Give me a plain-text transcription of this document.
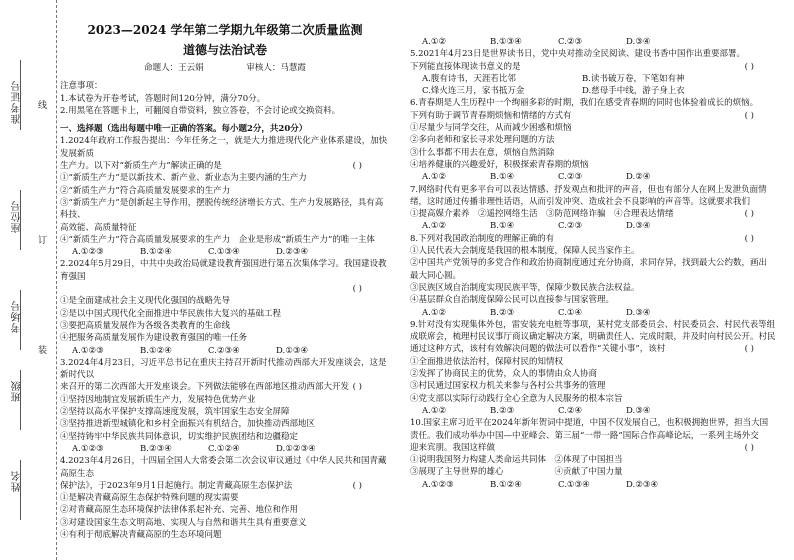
准考证号
座位号
考场号
班级
姓名
线
订
装
2023—2024 学年第二学期九年级第二次质量监测
道德与法治试卷
命题人：王云娟	审核人：马慧霞

注意事项：

1.本试卷为开卷考试，答题时间120分钟，满分70分。

2.用黑笔在答题卡上，可翻阅自带资料，独立答卷，不会讨论或交换资料。

一、选择题（选出每题中唯一正确的答案。每小题2分，共20分）

1.2024年政府工作报告提出：今年任务之一，就是大力推进现代化产业体系建设，加快发展新质

生产力。以下对“新质生产力”解读正确的是	( )

①“新质生产力”是以新技术、新产业、新业态为主要内涵的生产力

②“新质生产力”符合高质量发展要求的生产力

③“新质生产力”是创新起主导作用，摆脱传统经济增长方式、生产力发展路径，具有高科技、

高效能、高质量特征

④“新质生产力”符合高质量发展要求的生产力　企业是形成“新质生产力”的唯一主体

A.①②③	B.①②④	C.①③④	D.②③④

2.2024年5月29日，中共中央政治局就建设教育强国进行第五次集体学习。我国建设教育强国

( )

①是全面建成社会主义现代化强国的战略先导

②是以中国式现代化全面推进中华民族伟大复兴的基础工程

③要把高质量发展作为各级各类教育的生命线

④把服务高质量发展作为建设教育强国的唯一任务

A.①②③	B.①②④	C.②③④	D.①③④

3.2024年4月23日，习近平总书记在重庆主持召开新时代推动西部大开发座谈会，这是新时代以

来召开的第二次西部大开发座谈会。下列做法能够在西部地区推动西部大开发 ( )

①坚持因地制宜发展新质生产力，发展特色优势产业

②坚持以高水平保护支撑高速度发展，筑牢国家生态安全屏障

③坚持推进新型城镇化和乡村全面振兴有机结合，加快推动西部地区

④坚持铸牢中华民族共同体意识，切实维护民族团结和边疆稳定

A.①②③	B.②③④	C.①②④	D.①②③④

4.2023年4月26日，十四届全国人大常委会第二次会议审议通过《中华人民共和国青藏高原生态

保护法》，于2023年9月1日起施行。制定青藏高原生态保护法	( )

①是解决青藏高原生态保护特殊问题的现实需要

②对青藏高原生态环境保护法律体系起补充、完善、地位和作用

③对建设国家生态文明高地、实现人与自然和谐共生具有重要意义

④有利于彻底解决青藏高原的生态环境问题

A.①②	B.①③④	C.②③	D.③④

5.2021年4月23日是世界读书日，党中央对推动全民阅读、建设书香中国作出重要部署。

下列能直接体现读书意义的是	( )

A.腹有诗书，天涯若比邻	B.读书破万卷，下笔如有神

C.烽火连三月，家书抵万金	D.慈母手中线，游子身上衣

6.青春期是人生历程中一个绚丽多彩的时期，我们在感受青春期的同时也体验着成长的烦恼。

下列有助于调节青春期烦恼和情绪的方式有	( )

①尽量少与同学交往，从而减少困惑和烦恼

②多向老师和家长寻求处理问题的方法

③什么事都不用去在意，烦恼自然消除

④培养健康的兴趣爱好，积极探索青春期的烦恼

A.①②	B.①④	C.②③	D.②④

7.网络时代有更多平台可以表达情感、抒发观点和批评的声音，但也有部分人在网上发泄负面情

绪，这时通过传播非理性话语，从而引发冲突、造成社会不良影响的声音等。这就要求我们
( )

①提高媒介素养　②遥控网络生活　③防范网络诈骗　④合理表达情绪

A.①②	B.①④	C.②③	D.③④

8.下列对我国政治制度的理解正确的有	( )

①人民代表大会制度是我国的根本制度，保障人民当家作主。

②中国共产党领导的多党合作和政治协商制度通过充分协商，求同存异，找到最大公约数，画出

最大同心圆。

③民族区域自治制度实现民族平等，保障少数民族合法权益。

④基层群众自治制度保障公民可以直接参与国家管理。

A.①②	B.②③	C.①④	D.③④

9.针对没有实现集体外包，雷安装充电桩等事项，某村党支部委员会、村民委员会、村民代表等组

成联席会，梳理村民议事厅商议确定解决方案，明确责任人、完成时限，并及时向村民公开。村民

通过这种方式，该村有效解决问题的做法可以看作“关键小事”，该村	( )

①全面推进依法治村，保障村民的知情权

②发挥了协商民主的优势，众人的事情由众人协商

③村民通过国家权力机关来参与各村公共事务的管理

④党支部以实际行动践行全心全意为人民服务的根本宗旨

A.①②	B.②③	C.②④	D.③④

10.国家主席习近平在2024年新年贺词中提道，中国不仅发展自己，也积极拥抱世界，担当大国

责任。我们成功举办中国—中亚峰会、第三届“一带一路”国际合作高峰论坛，一系列主场外交

迎来宾朋。我国这样做	( )

①说明我国努力构建人类命运共同体　②体现了中国担当

③展现了主导世界的雄心　　　　　　④贡献了中国力量

A.①②③	B.①②④	C.①③④	D.②③④
